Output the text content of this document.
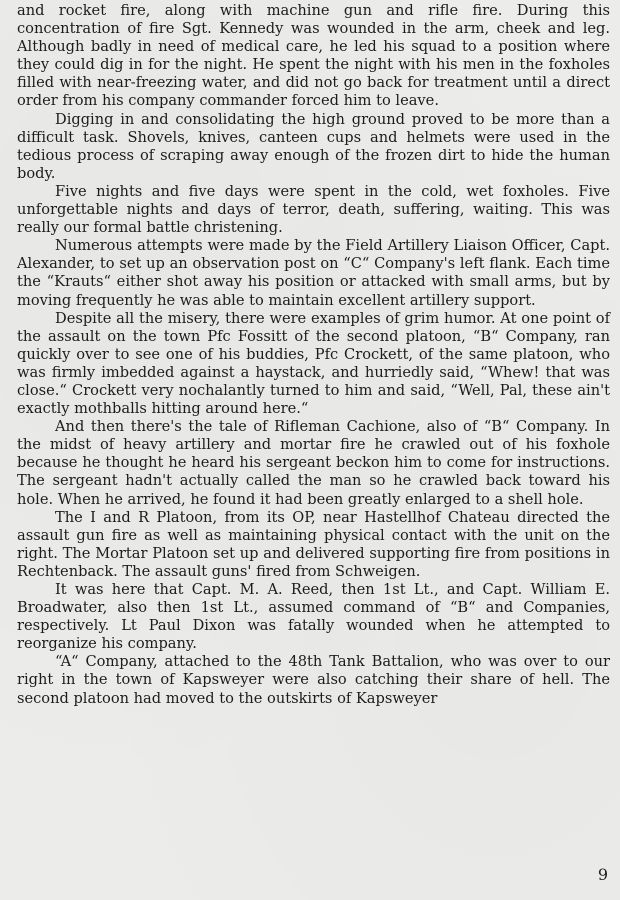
and rocket fire, along with machine gun and rifle fire. During this concentration of fire Sgt. Kennedy was wounded in the arm, cheek and leg. Although badly in need of medical care, he led his squad to a position where they could dig in for the night. He spent the night with his men in the foxholes filled with near-freezing water, and did not go back for treatment until a direct order from his company commander forced him to leave.

Digging in and consolidating the high ground proved to be more than a difficult task. Shovels, knives, canteen cups and helmets were used in the tedious process of scraping away enough of the frozen dirt to hide the human body.

Five nights and five days were spent in the cold, wet foxholes. Five unforgettable nights and days of terror, death, suffering, waiting. This was really our formal battle christening.

Numerous attempts were made by the Field Artillery Liaison Officer, Capt. Alexander, to set up an observation post on “C“ Company's left flank. Each time the “Krauts“ either shot away his position or attacked with small arms, but by moving frequently he was able to maintain excellent artillery support.

Despite all the misery, there were examples of grim humor. At one point of the assault on the town Pfc Fossitt of the second platoon, “B“ Company, ran quickly over to see one of his buddies, Pfc Crockett, of the same platoon, who was firmly imbedded against a haystack, and hurriedly said, “Whew! that was close.“ Crockett very nochalantly turned to him and said, “Well, Pal, these ain't exactly mothballs hitting around here.“

And then there's the tale of Rifleman Cachione, also of “B“ Company. In the midst of heavy artillery and mortar fire he crawled out of his foxhole because he thought he heard his sergeant beckon him to come for instructions. The sergeant hadn't actually called the man so he crawled back toward his hole. When he arrived, he found it had been greatly enlarged to a shell hole.

The I and R Platoon, from its OP, near Hastellhof Chateau directed the assault gun fire as well as maintaining physical contact with the unit on the right. The Mortar Platoon set up and delivered supporting fire from positions in Rechtenback. The assault guns' fired from Schweigen.

It was here that Capt. M. A. Reed, then 1st Lt., and Capt. William E. Broadwater, also then 1st Lt., assumed command of “B“ and Companies, respectively. Lt Paul Dixon was fatally wounded when he attempted to reorganize his company.

“A“ Company, attached to the 48th Tank Battalion, who was over to our right in the town of Kapsweyer were also catching their share of hell. The second platoon had moved to the outskirts of Kapsweyer

9
